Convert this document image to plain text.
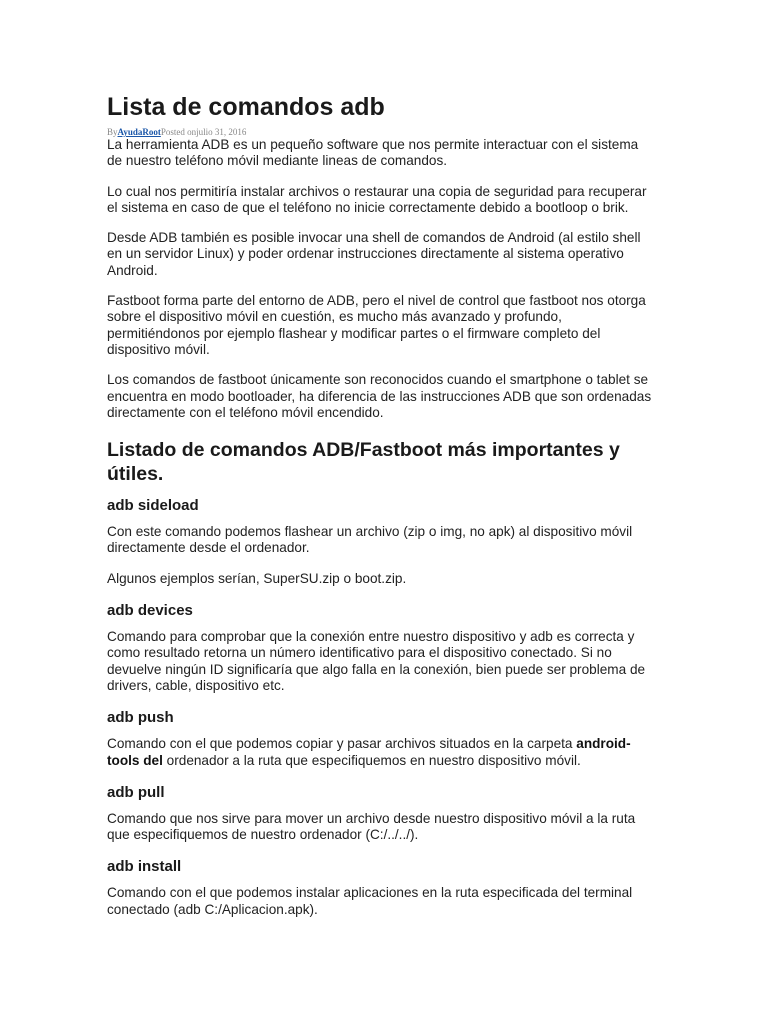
Lista de comandos adb
ByAyudaRootPosted onjulio 31, 2016

La herramienta ADB es un pequeño software que nos permite interactuar con el sistema de nuestro teléfono móvil mediante lineas de comandos.

Lo cual nos permitiría instalar archivos o restaurar una copia de seguridad para recuperar el sistema en caso de que el teléfono no inicie correctamente debido a bootloop o brik.

Desde ADB también es posible invocar una shell de comandos de Android (al estilo shell en un servidor Linux) y poder ordenar instrucciones directamente al sistema operativo Android.

Fastboot forma parte del entorno de ADB, pero el nivel de control que fastboot nos otorga sobre el dispositivo móvil en cuestión, es mucho más avanzado y profundo, permitiéndonos por ejemplo flashear y modificar partes o el firmware completo del dispositivo móvil.

Los comandos de fastboot únicamente son reconocidos cuando el smartphone o tablet se encuentra en modo bootloader, ha diferencia de las instrucciones ADB que son ordenadas directamente con el teléfono móvil encendido.

Listado de comandos ADB/Fastboot más importantes y útiles.
adb sideload

Con este comando podemos flashear un archivo (zip o img, no apk) al dispositivo móvil directamente desde el ordenador.

Algunos ejemplos serían, SuperSU.zip o boot.zip.

adb devices

Comando para comprobar que la conexión entre nuestro dispositivo y adb es correcta y como resultado retorna un número identificativo para el dispositivo conectado. Si no devuelve ningún ID significaría que algo falla en la conexión, bien puede ser problema de drivers, cable, dispositivo etc.

adb push

Comando con el que podemos copiar y pasar archivos situados en la carpeta android-tools del ordenador a la ruta que especifiquemos en nuestro dispositivo móvil.

adb pull

Comando que nos sirve para mover un archivo desde nuestro dispositivo móvil a la ruta que especifiquemos de nuestro ordenador (C:/../../).

adb install

Comando con el que podemos instalar aplicaciones en la ruta especificada del terminal conectado (adb C:/Aplicacion.apk).
